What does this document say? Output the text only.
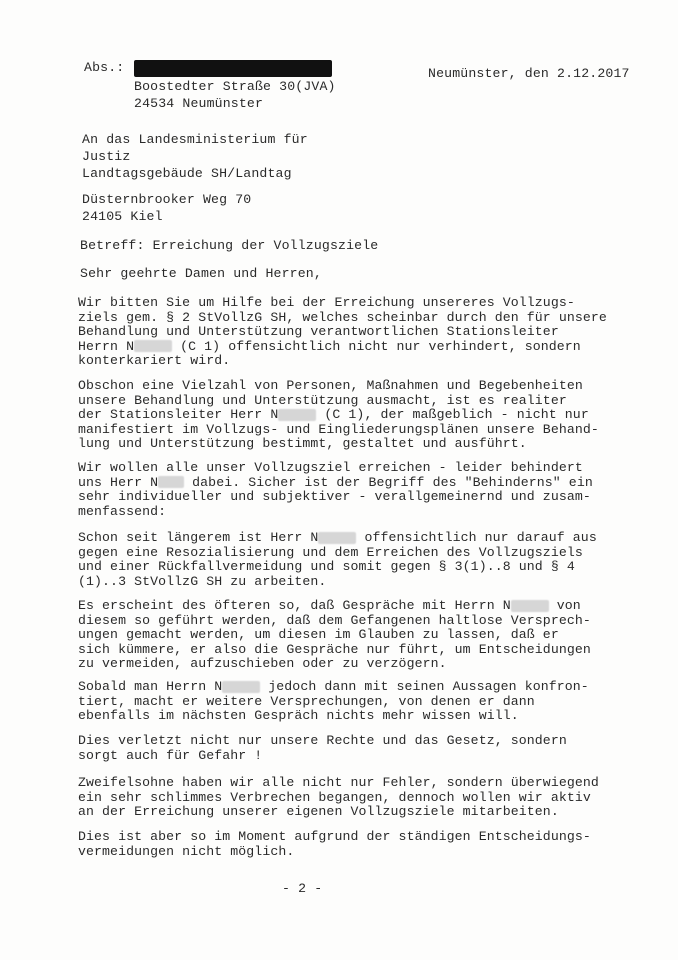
Abs.:
Boostedter Straße 30(JVA)
24534 Neumünster
Neumünster, den 2.12.2017
An das Landesministerium für
Justiz
Landtagsgebäude SH/Landtag
Düsternbrooker Weg 70
24105 Kiel
Betreff: Erreichung der Vollzugsziele
Sehr geehrte Damen und Herren,
Wir bitten Sie um Hilfe bei der Erreichung unsereres Vollzugs-
ziels gem. § 2 StVollzG SH, welches scheinbar durch den für unsere
Behandlung und Unterstützung verantwortlichen Stationsleiter
Herrn N	(C 1) offensichtlich nicht nur verhindert, sondern
konterkariert wird.
Obschon eine Vielzahl von Personen, Maßnahmen und Begebenheiten
unsere Behandlung und Unterstützung ausmacht, ist es realiter
der Stationsleiter Herr N	(C 1), der maßgeblich - nicht nur
manifestiert im Vollzugs- und Eingliederungsplänen unsere Behand-
lung und Unterstützung bestimmt, gestaltet und ausführt.
Wir wollen alle unser Vollzugsziel erreichen - leider behindert
uns Herr N	dabei. Sicher ist der Begriff des "Behinderns" ein
sehr individueller und subjektiver - verallgemeinernd und zusam-
menfassend:
Schon seit längerem ist Herr N	offensichtlich nur darauf aus
gegen eine Resozialisierung und dem Erreichen des Vollzugsziels
und einer Rückfallvermeidung und somit gegen § 3(1)..8 und § 4
(1)..3 StVollzG SH zu arbeiten.
Es erscheint des öfteren so, daß Gespräche mit Herrn N	von
diesem so geführt werden, daß dem Gefangenen haltlose Versprech-
ungen gemacht werden, um diesen im Glauben zu lassen, daß er
sich kümmere, er also die Gespräche nur führt, um Entscheidungen
zu vermeiden, aufzuschieben oder zu verzögern.
Sobald man Herrn N	jedoch dann mit seinen Aussagen konfron-
tiert, macht er weitere Versprechungen, von denen er dann
ebenfalls im nächsten Gespräch nichts mehr wissen will.
Dies verletzt nicht nur unsere Rechte und das Gesetz, sondern
sorgt auch für Gefahr !
Zweifelsohne haben wir alle nicht nur Fehler, sondern überwiegend
ein sehr schlimmes Verbrechen begangen, dennoch wollen wir aktiv
an der Erreichung unserer eigenen Vollzugsziele mitarbeiten.
Dies ist aber so im Moment aufgrund der ständigen Entscheidungs-
vermeidungen nicht möglich.
- 2 -
